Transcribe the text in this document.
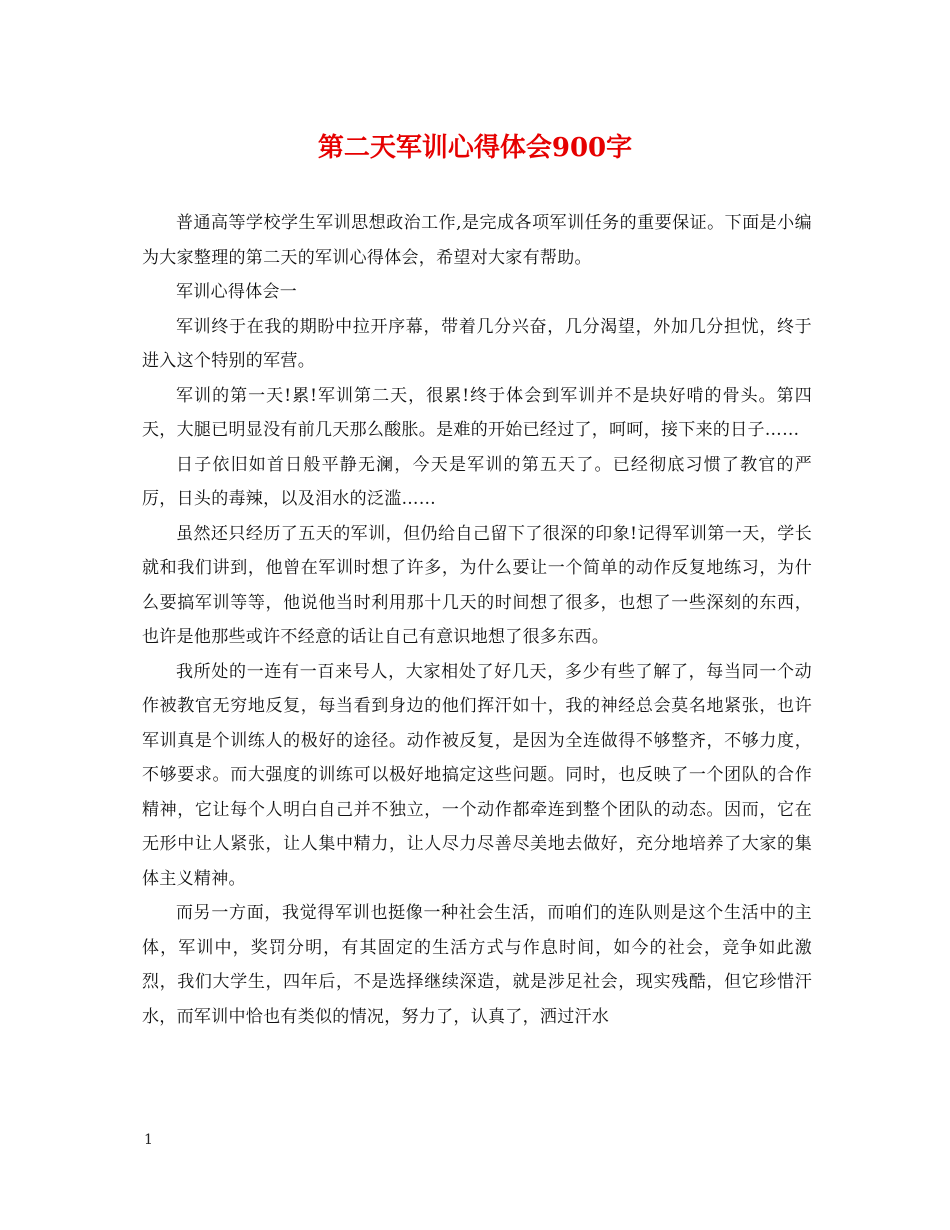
第二天军训心得体会900字

普通高等学校学生军训思想政治工作,是完成各项军训任务的重要保证。下面是小编为大家整理的第二天的军训心得体会，希望对大家有帮助。

军训心得体会一

军训终于在我的期盼中拉开序幕，带着几分兴奋，几分渴望，外加几分担忧，终于进入这个特别的军营。

军训的第一天!累!军训第二天，很累!终于体会到军训并不是块好啃的骨头。第四天，大腿已明显没有前几天那么酸胀。是难的开始已经过了，呵呵，接下来的日子……

日子依旧如首日般平静无澜，今天是军训的第五天了。已经彻底习惯了教官的严厉，日头的毒辣，以及泪水的泛滥……

虽然还只经历了五天的军训，但仍给自己留下了很深的印象!记得军训第一天，学长就和我们讲到，他曾在军训时想了许多，为什么要让一个简单的动作反复地练习，为什么要搞军训等等，他说他当时利用那十几天的时间想了很多，也想了一些深刻的东西，也许是他那些或许不经意的话让自己有意识地想了很多东西。

我所处的一连有一百来号人，大家相处了好几天，多少有些了解了，每当同一个动作被教官无穷地反复，每当看到身边的他们挥汗如十，我的神经总会莫名地紧张，也许军训真是个训练人的极好的途径。动作被反复，是因为全连做得不够整齐，不够力度，不够要求。而大强度的训练可以极好地搞定这些问题。同时，也反映了一个团队的合作精神，它让每个人明白自己并不独立，一个动作都牵连到整个团队的动态。因而，它在无形中让人紧张，让人集中精力，让人尽力尽善尽美地去做好，充分地培养了大家的集体主义精神。

而另一方面，我觉得军训也挺像一种社会生活，而咱们的连队则是这个生活中的主体，军训中，奖罚分明，有其固定的生活方式与作息时间，如今的社会，竞争如此激烈，我们大学生，四年后，不是选择继续深造，就是涉足社会，现实残酷，但它珍惜汗水，而军训中恰也有类似的情况，努力了，认真了，洒过汗水

1
